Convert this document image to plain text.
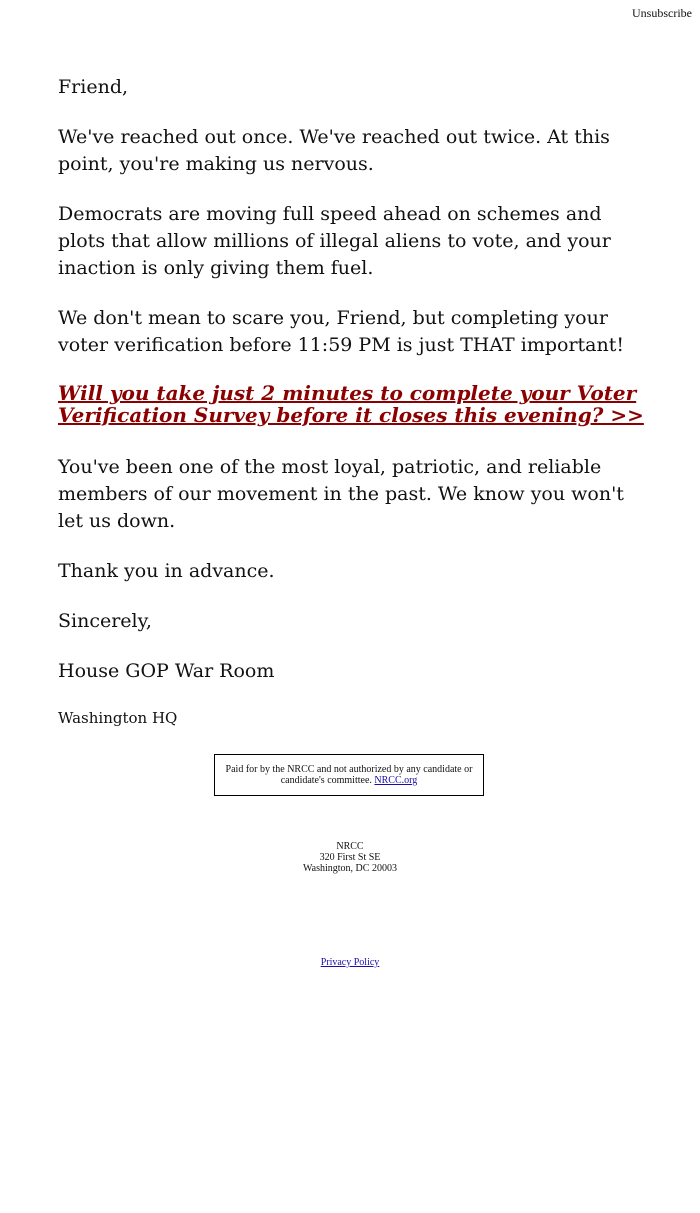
Unsubscribe

Friend,

We've reached out once. We've reached out twice. At this point, you're making us nervous.

Democrats are moving full speed ahead on schemes and plots that allow millions of illegal aliens to vote, and your inaction is only giving them fuel.

We don't mean to scare you, Friend, but completing your voter verification before 11:59 PM is just THAT important!

Will you take just 2 minutes to complete your Voter Verification Survey before it closes this evening? >>

You've been one of the most loyal, patriotic, and reliable members of our movement in the past. We know you won't let us down.

Thank you in advance.

Sincerely,

House GOP War Room

Washington HQ

Paid for by the NRCC and not authorized by any candidate or candidate's committee. NRCC.org
NRCC
320 First St SE
Washington, DC 20003
Privacy Policy
